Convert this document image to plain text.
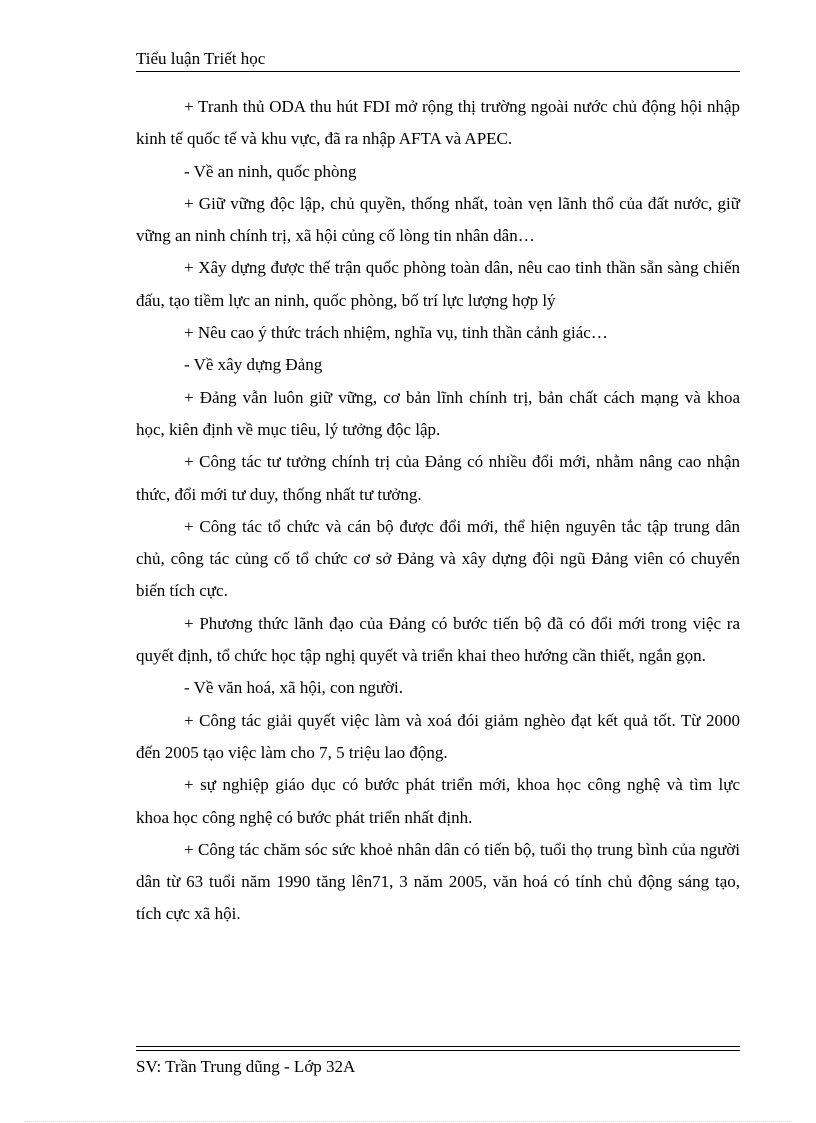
Tiểu luận Triết học

+ Tranh thủ ODA thu hút FDI mở rộng thị trường ngoài nước chủ động hội nhập kinh tế quốc tế và khu vực, đã ra nhập AFTA và APEC.

- Về an ninh, quốc phòng

+ Giữ vững độc lập, chủ quyền, thống nhất, toàn vẹn lãnh thổ của đất nước, giữ vững an ninh chính trị, xã hội củng cố lòng tin nhân dân…

+ Xây dựng được thế trận quốc phòng toàn dân, nêu cao tinh thần sẵn sàng chiến đấu, tạo tiềm lực an ninh, quốc phòng, bố trí lực lượng hợp lý

+ Nêu cao ý thức trách nhiệm, nghĩa vụ, tinh thần cảnh giác…

- Về xây dựng Đảng

+ Đảng vẫn luôn giữ vững, cơ bản lĩnh chính trị, bản chất cách mạng và khoa học, kiên định về mục tiêu, lý tưởng độc lập.

+ Công tác tư tưởng chính trị của Đảng có nhiều đổi mới, nhằm nâng cao nhận thức, đổi mới tư duy, thống nhất tư tưởng.

+ Công tác tổ chức và cán bộ được đổi mới, thể hiện nguyên tắc tập trung dân chủ, công tác củng cố tổ chức cơ sở Đảng và xây dựng đội ngũ Đảng viên có chuyển biến tích cực.

+ Phương thức lãnh đạo của Đảng có bước tiến bộ đã có đổi mới trong việc ra quyết định, tổ chức học tập nghị quyết và triển khai theo hướng cần thiết, ngắn gọn.

- Về văn hoá, xã hội, con người.

+ Công tác giải quyết việc làm và xoá đói giảm nghèo đạt kết quả tốt. Từ 2000 đến 2005 tạo việc làm cho 7, 5 triệu lao động.

+ sự nghiệp giáo dục có bước phát triển mới, khoa học công nghệ và tìm lực khoa học công nghệ có bước phát triển nhất định.

+ Công tác chăm sóc sức khoẻ nhân dân có tiến bộ, tuổi thọ trung bình của người dân từ 63 tuổi năm 1990 tăng lên71, 3 năm 2005, văn hoá có tính chủ động sáng tạo, tích cực xã hội.

SV: Trần Trung dũng - Lớp 32A
